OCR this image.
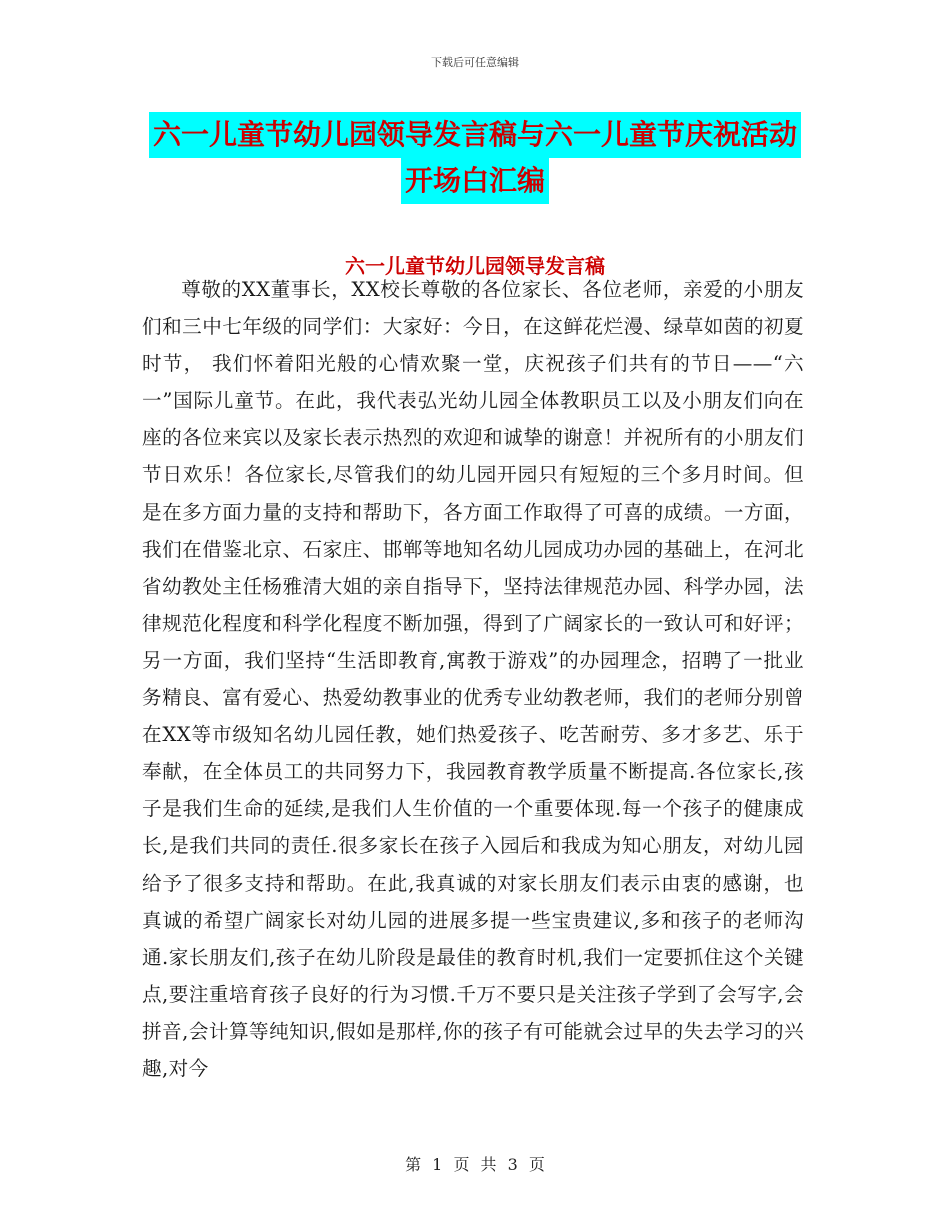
下载后可任意编辑
六一儿童节幼儿园领导发言稿与六一儿童节庆祝活动
开场白汇编
六一儿童节幼儿园领导发言稿
尊敬的XX董事长，XX校长尊敬的各位家长、各位老师，亲爱的小朋友们和三中七年级的同学们：大家好：今日，在这鲜花烂漫、绿草如茵的初夏时节， 我们怀着阳光般的心情欢聚一堂，庆祝孩子们共有的节日——“六一”国际儿童节。在此，我代表弘光幼儿园全体教职员工以及小朋友们向在座的各位来宾以及家长表示热烈的欢迎和诚挚的谢意！并祝所有的小朋友们节日欢乐！各位家长,尽管我们的幼儿园开园只有短短的三个多月时间。但是在多方面力量的支持和帮助下，各方面工作取得了可喜的成绩。一方面，我们在借鉴北京、石家庄、邯郸等地知名幼儿园成功办园的基础上，在河北省幼教处主任杨雅清大姐的亲自指导下，坚持法律规范办园、科学办园，法律规范化程度和科学化程度不断加强，得到了广阔家长的一致认可和好评；另一方面，我们坚持“生活即教育,寓教于游戏”的办园理念，招聘了一批业务精良、富有爱心、热爱幼教事业的优秀专业幼教老师，我们的老师分别曾在XX等市级知名幼儿园任教，她们热爱孩子、吃苦耐劳、多才多艺、乐于奉献，在全体员工的共同努力下，我园教育教学质量不断提高.各位家长,孩子是我们生命的延续,是我们人生价值的一个重要体现.每一个孩子的健康成长,是我们共同的责任.很多家长在孩子入园后和我成为知心朋友，对幼儿园给予了很多支持和帮助。在此,我真诚的对家长朋友们表示由衷的感谢，也真诚的希望广阔家长对幼儿园的进展多提一些宝贵建议,多和孩子的老师沟通.家长朋友们,孩子在幼儿阶段是最佳的教育时机,我们一定要抓住这个关键点,要注重培育孩子良好的行为习惯.千万不要只是关注孩子学到了会写字,会拼音,会计算等纯知识,假如是那样,你的孩子有可能就会过早的失去学习的兴趣,对今
第 1 页 共 3 页
